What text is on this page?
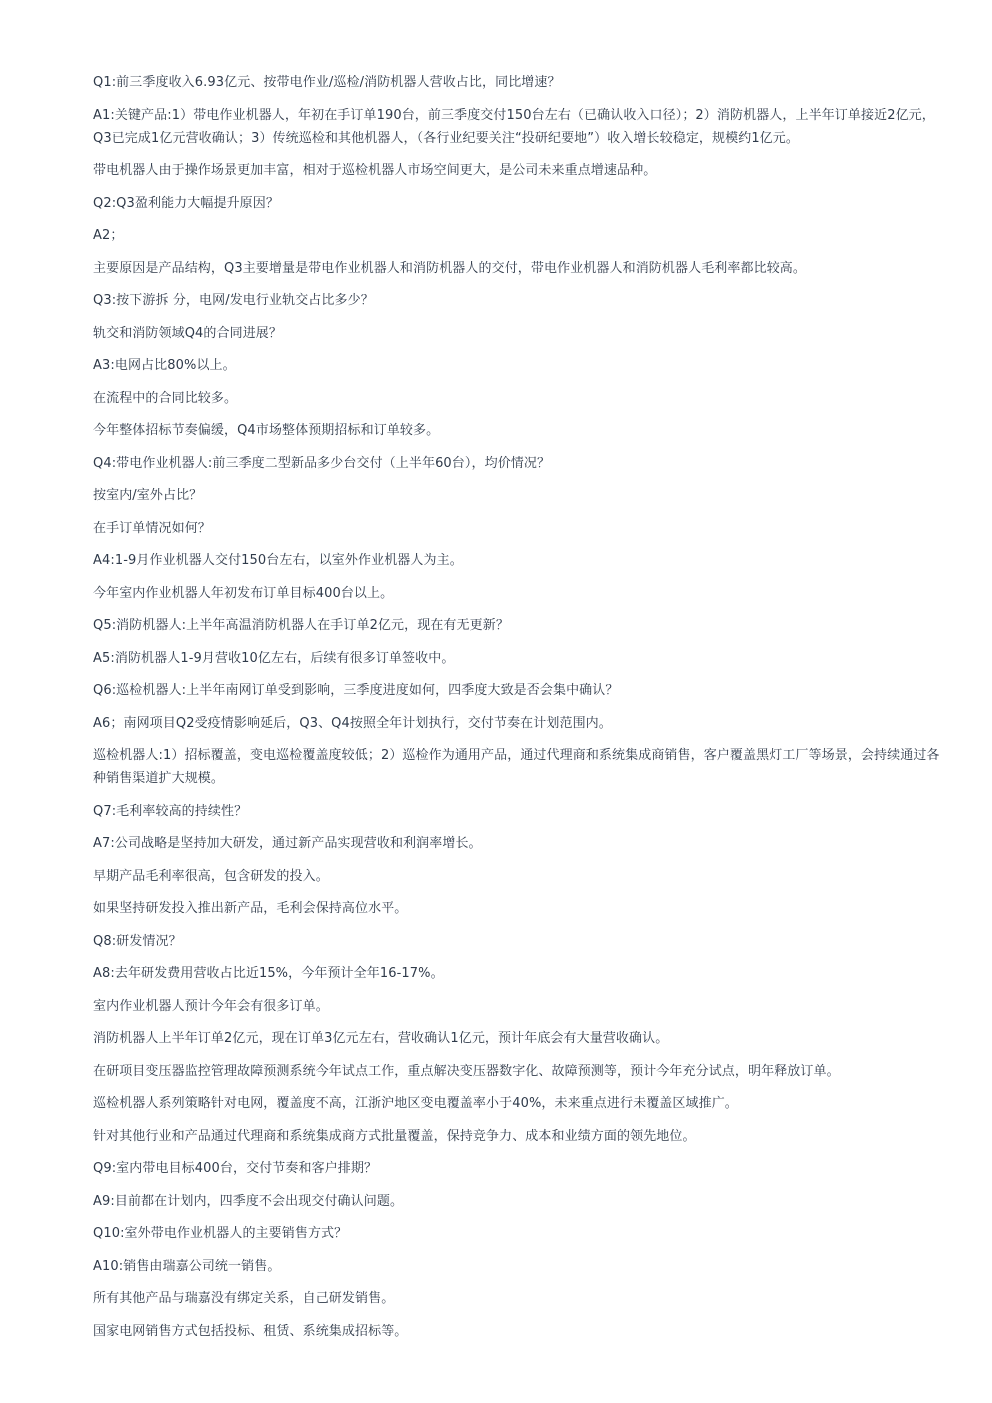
Q1:前三季度收入6.93亿元、按带电作业/巡检/消防机器人营收占比，同比增速？

A1:关键产品:1）带电作业机器人，年初在手订单190台，前三季度交付150台左右（已确认收入口径）；2）消防机器人，上半年订单接近2亿元，Q3已完成1亿元营收确认；3）传统巡检和其他机器人，（各行业纪要关注“投研纪要地”）收入增长较稳定，规模约1亿元。

带电机器人由于操作场景更加丰富，相对于巡检机器人市场空间更大，是公司未来重点增速品种。

Q2:Q3盈利能力大幅提升原因？

A2；

主要原因是产品结构，Q3主要增量是带电作业机器人和消防机器人的交付，带电作业机器人和消防机器人毛利率都比较高。

Q3:按下游拆 分，电网/发电行业轨交占比多少？

轨交和消防领域Q4的合同进展？

A3:电网占比80%以上。

在流程中的合同比较多。

今年整体招标节奏偏缓，Q4市场整体预期招标和订单较多。

Q4:带电作业机器人:前三季度二型新品多少台交付（上半年60台），均价情况？

按室内/室外占比？

在手订单情况如何？

A4:1-9月作业机器人交付150台左右，以室外作业机器人为主。

今年室内作业机器人年初发布订单目标400台以上。

Q5:消防机器人:上半年高温消防机器人在手订单2亿元，现在有无更新？

A5:消防机器人1-9月营收10亿左右，后续有很多订单签收中。

Q6:巡检机器人:上半年南网订单受到影响，三季度进度如何，四季度大致是否会集中确认？

A6；南网项目Q2受疫情影响延后，Q3、Q4按照全年计划执行，交付节奏在计划范围内。

巡检机器人:1）招标覆盖，变电巡检覆盖度较低；2）巡检作为通用产品，通过代理商和系统集成商销售，客户覆盖黑灯工厂等场景，会持续通过各种销售渠道扩大规模。

Q7:毛利率较高的持续性？

A7:公司战略是坚持加大研发，通过新产品实现营收和利润率增长。

早期产品毛利率很高，包含研发的投入。

如果坚持研发投入推出新产品，毛利会保持高位水平。

Q8:研发情况？

A8:去年研发费用营收占比近15%，今年预计全年16-17%。

室内作业机器人预计今年会有很多订单。

消防机器人上半年订单2亿元，现在订单3亿元左右，营收确认1亿元，预计年底会有大量营收确认。

在研项目变压器监控管理故障预测系统今年试点工作，重点解决变压器数字化、故障预测等，预计今年充分试点，明年释放订单。

巡检机器人系列策略针对电网，覆盖度不高，江浙沪地区变电覆盖率小于40%，未来重点进行未覆盖区域推广。

针对其他行业和产品通过代理商和系统集成商方式批量覆盖，保持竞争力、成本和业绩方面的领先地位。

Q9:室内带电目标400台，交付节奏和客户排期？

A9:目前都在计划内，四季度不会出现交付确认问题。

Q10:室外带电作业机器人的主要销售方式？

A10:销售由瑞嘉公司统一销售。

所有其他产品与瑞嘉没有绑定关系，自己研发销售。

国家电网销售方式包括投标、租赁、系统集成招标等。
